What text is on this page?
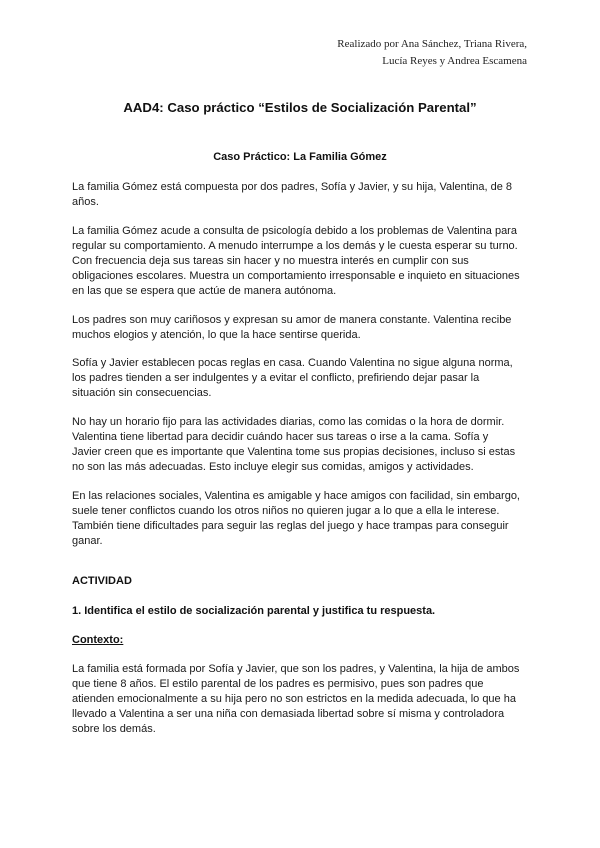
Realizado por Ana Sánchez, Triana Rivera,
Lucía Reyes y Andrea Escamena
AAD4: Caso práctico “Estilos de Socialización Parental”
Caso Práctico: La Familia Gómez
La familia Gómez está compuesta por dos padres, Sofía y Javier, y su hija, Valentina, de 8
años.
La familia Gómez acude a consulta de psicología debido a los problemas de Valentina para
regular su comportamiento. A menudo interrumpe a los demás y le cuesta esperar su turno.
Con frecuencia deja sus tareas sin hacer y no muestra interés en cumplir con sus
obligaciones escolares. Muestra un comportamiento irresponsable e inquieto en situaciones
en las que se espera que actúe de manera autónoma.
Los padres son muy cariñosos y expresan su amor de manera constante. Valentina recibe
muchos elogios y atención, lo que la hace sentirse querida.
Sofía y Javier establecen pocas reglas en casa. Cuando Valentina no sigue alguna norma,
los padres tienden a ser indulgentes y a evitar el conflicto, prefiriendo dejar pasar la
situación sin consecuencias.
No hay un horario fijo para las actividades diarias, como las comidas o la hora de dormir.
Valentina tiene libertad para decidir cuándo hacer sus tareas o irse a la cama. Sofía y
Javier creen que es importante que Valentina tome sus propias decisiones, incluso si estas
no son las más adecuadas. Esto incluye elegir sus comidas, amigos y actividades.
En las relaciones sociales, Valentina es amigable y hace amigos con facilidad, sin embargo,
suele tener conflictos cuando los otros niños no quieren jugar a lo que a ella le interese.
También tiene dificultades para seguir las reglas del juego y hace trampas para conseguir
ganar.
ACTIVIDAD
1. Identifica el estilo de socialización parental y justifica tu respuesta.
Contexto:
La familia está formada por Sofía y Javier, que son los padres, y Valentina, la hija de ambos
que tiene 8 años. El estilo parental de los padres es permisivo, pues son padres que
atienden emocionalmente a su hija pero no son estrictos en la medida adecuada, lo que ha
llevado a Valentina a ser una niña con demasiada libertad sobre sí misma y controladora
sobre los demás.
